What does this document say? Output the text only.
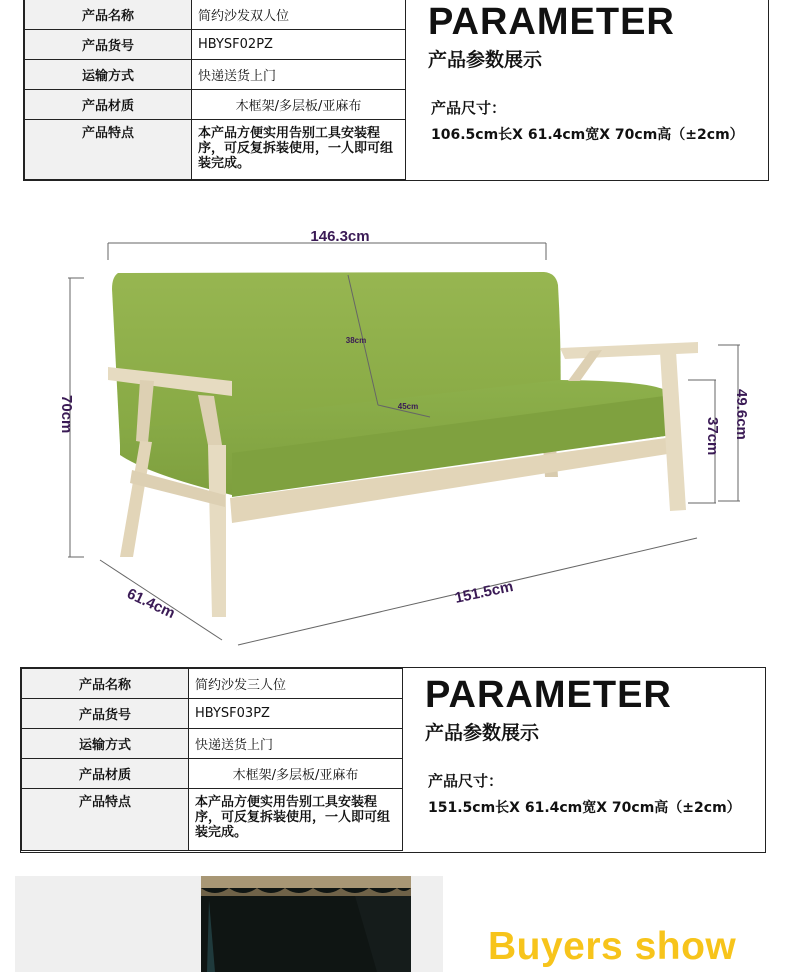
产品名称	简约沙发双人位
产品货号	HBYSF02PZ
运输方式	快递送货上门
产品材质	木框架/多层板/亚麻布
产品特点	本产品方便实用告别工具安装程序，可反复拆装使用，一人即可组装完成。
PARAMETER
产品参数展示
产品尺寸：
106.5cm长X 61.4cm宽X 70cm高（±2cm）
146.3cm
38cm
45cm
70cm
61.4cm	151.5cm
49.6cm
37cm
产品名称	简约沙发三人位
产品货号	HBYSF03PZ
运输方式	快递送货上门
产品材质	木框架/多层板/亚麻布
产品特点	本产品方便实用告别工具安装程序，可反复拆装使用，一人即可组装完成。
PARAMETER
产品参数展示
产品尺寸：
151.5cm长X 61.4cm宽X 70cm高（±2cm）
Buyers show
